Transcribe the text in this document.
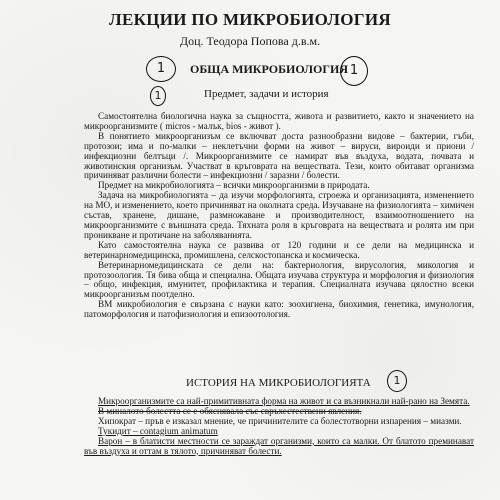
ЛЕКЦИИ ПО МИКРОБИОЛОГИЯ
Доц. Теодора Попова д.в.м.
1	ОБЩА МИКРОБИОЛОГИЯ 1
1	Предмет, задачи и история

Самостоятелна биологична наука за същността, живота и развитието, както и значението на микроорганизмите ( micros - малък, bios - живот ).

В понятието микроорганизъм се включват доста разнообразни видове – бактерии, гъби, протозои; има и по-малки – неклетъчни форми на живот – вируси, вироиди и приони / инфекциозни белтъци /. Микроорганизмите се намират във въздуха, водата, почвата и животинския организъм. Участват в кръговрата на веществата. Тези, които обитават организма причиняват различни болести – инфекциозни / заразни / болести.

Предмет на микробиологията – всички микроорганизми в природата.

Задача на микробиологията – да изучи морфологията, строежа и организацията, изменението на МО, и изменението, което причиняват на околната среда. Изучаване на физиологията – химичен състав, хранене, дишане, размножаване и производителност, взаимоотношението на микроорганизмите с външната среда. Тяхната роля в кръговрата на веществата и ролята им при проникване и протичане на заболяванията.

Като самостоятелна наука се развива от 120 години и се дели на медицинска и ветеринарномедицинска, промишлена, селскостопанска и космическа.

Ветеринарномедицинската се дели на: бактериология, вирусология, микология и протозоология. Тя бива обща и специална. Общата изучава структура и морфология и физиология – общо, инфекция, имунитет, профилактика и терапия. Специалната изучава цялостно всеки микроорганизъм поотделно.

ВМ микробиология е свързана с науки като: зоохигиена, биохимия, генетика, имунология, патоморфология и патофизиология и епизоотология.

ИСТОРИЯ НА МИКРОБИОЛОГИЯТА	1

Микроорганизмите са най-примитивната форма на живот и са възникнали най-рано на Земята.

В миналото болестта се е обяснявала със свръхестествени явления.

Хипократ – пръв е изказал мнение, че причинителите са болестотворни изпарения – миазми.

Тукидит – contagium animatum

Варон – в блатисти местности се зараждат организми, които са малки. От блатото преминават във въздуха и оттам в тялото, причиняват болести.
